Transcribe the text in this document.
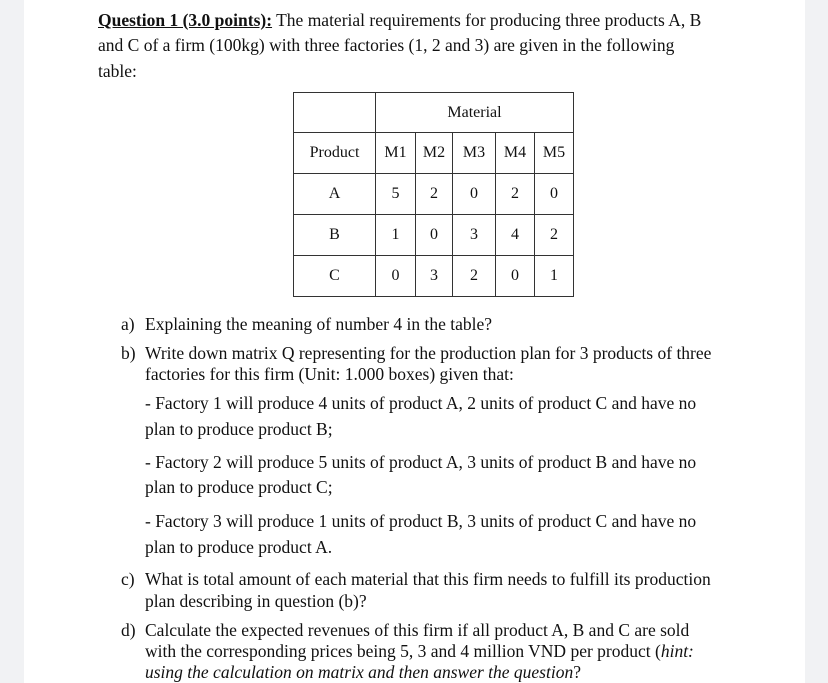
Question 1 (3.0 points): The material requirements for producing three products A, B
and C of a firm (100kg) with three factories (1, 2 and 3) are given in the following
table:
	Material				
Product	M1	M2	M3	M4	M5
A	5	2	0	2	0
B	1	0	3	4	2
C	0	3	2	0	1
a) Explaining the meaning of number 4 in the table?
b) Write down matrix Q representing for the production plan for 3 products of three
factories for this firm (Unit: 1.000 boxes) given that:
- Factory 1 will produce 4 units of product A, 2 units of product C and have no
plan to produce product B;
- Factory 2 will produce 5 units of product A, 3 units of product B and have no
plan to produce product C;
- Factory 3 will produce 1 units of product B, 3 units of product C and have no
plan to produce product A.
c) What is total amount of each material that this firm needs to fulfill its production
plan describing in question (b)?
d) Calculate the expected revenues of this firm if all product A, B and C are sold
with the corresponding prices being 5, 3 and 4 million VND per product (hint:
using the calculation on matrix and then answer the question?
